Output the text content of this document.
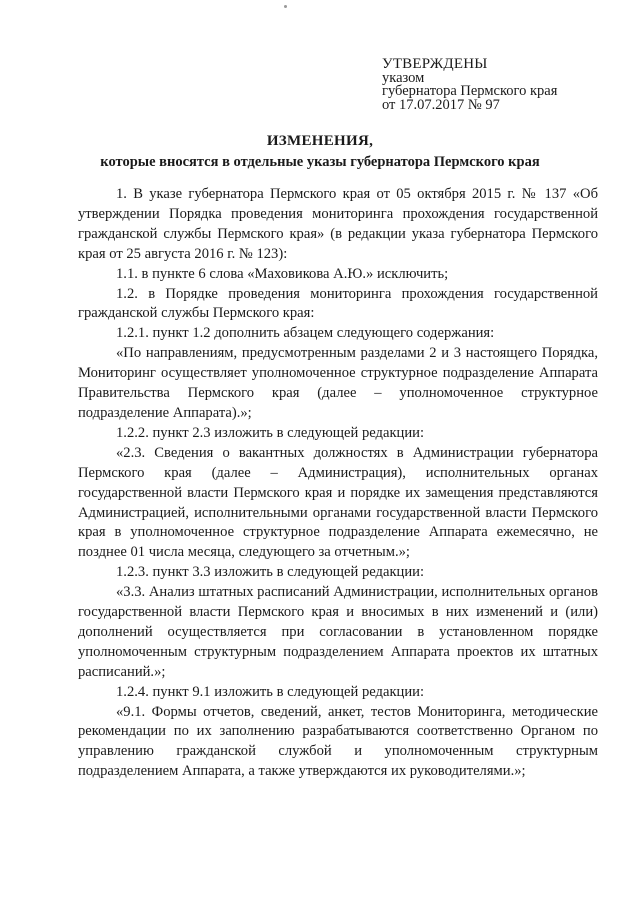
УТВЕРЖДЕНЫ
указом
губернатора Пермского края
от 17.07.2017 № 97
ИЗМЕНЕНИЯ,
которые вносятся в отдельные указы губернатора Пермского края

1. В указе губернатора Пермского края от 05 октября 2015 г. № 137 «Об утверждении Порядка проведения мониторинга прохождения государственной гражданской службы Пермского края» (в редакции указа губернатора Пермского края от 25 августа 2016 г. № 123):

1.1. в пункте 6 слова «Маховикова А.Ю.» исключить;

1.2. в Порядке проведения мониторинга прохождения государственной гражданской службы Пермского края:

1.2.1. пункт 1.2 дополнить абзацем следующего содержания:

«По направлениям, предусмотренным разделами 2 и 3 настоящего Порядка, Мониторинг осуществляет уполномоченное структурное подразделение Аппарата Правительства Пермского края (далее – уполномоченное структурное подразделение Аппарата).»;

1.2.2. пункт 2.3 изложить в следующей редакции:

«2.3. Сведения о вакантных должностях в Администрации губернатора Пермского края (далее – Администрация), исполнительных органах государственной власти Пермского края и порядке их замещения представляются Администрацией, исполнительными органами государственной власти Пермского края в уполномоченное структурное подразделение Аппарата ежемесячно, не позднее 01 числа месяца, следующего за отчетным.»;

1.2.3. пункт 3.3 изложить в следующей редакции:

«3.3. Анализ штатных расписаний Администрации, исполнительных органов государственной власти Пермского края и вносимых в них изменений и (или) дополнений осуществляется при согласовании в установленном порядке уполномоченным структурным подразделением Аппарата проектов их штатных расписаний.»;

1.2.4. пункт 9.1 изложить в следующей редакции:

«9.1. Формы отчетов, сведений, анкет, тестов Мониторинга, методические рекомендации по их заполнению разрабатываются соответственно Органом по управлению гражданской службой и уполномоченным структурным подразделением Аппарата, а также утверждаются их руководителями.»;
